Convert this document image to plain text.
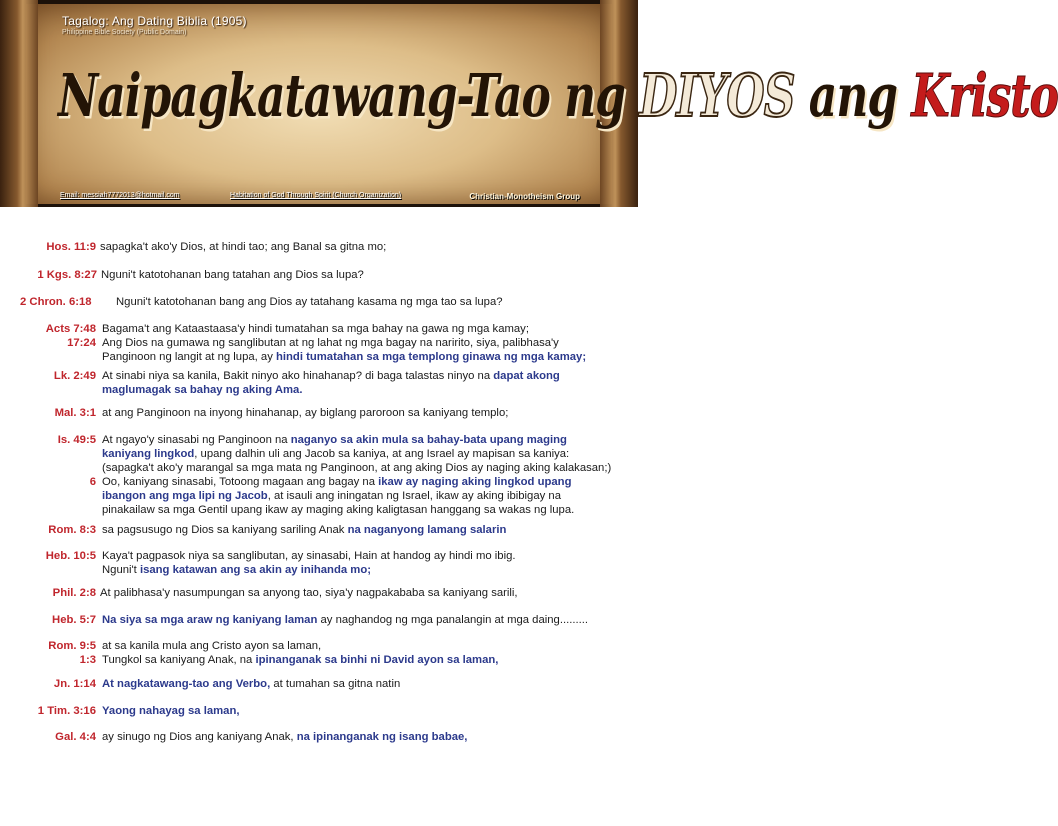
Tagalog: Ang Dating Biblia (1905)
Philippine Bible Society (Public Domain)
Naipagkatawang-Tao ng DIYOS ang Kristo
Email: messiah7772013@hotmail.com	Habitation of God Through Spirit (Church Organization)	Christian-Monotheism Group
Hos. 11:9 sapagka't ako'y Dios, at hindi tao; ang Banal sa gitna mo;
1 Kgs. 8:27 Nguni't katotohanan bang tatahan ang Dios sa lupa?
2 Chron. 6:18 Nguni't katotohanan bang ang Dios ay tatahang kasama ng mga tao sa lupa?
Acts 7:48 Bagama't ang Kataastaasa'y hindi tumatahan sa mga bahay na gawa ng mga kamay;
17:24 Ang Dios na gumawa ng sanglibutan at ng lahat ng mga bagay na naririto, siya, palibhasa'y
Panginoon ng langit at ng lupa, ay hindi tumatahan sa mga templong ginawa ng mga kamay;
Lk. 2:49 At sinabi niya sa kanila, Bakit ninyo ako hinahanap? di baga talastas ninyo na dapat akong
maglumagak sa bahay ng aking Ama.
Mal. 3:1 at ang Panginoon na inyong hinahanap, ay biglang paroroon sa kaniyang templo;
Is. 49:5 At ngayo'y sinasabi ng Panginoon na naganyo sa akin mula sa bahay-bata upang maging
kaniyang lingkod, upang dalhin uli ang Jacob sa kaniya, at ang Israel ay mapisan sa kaniya:
(sapagka't ako'y marangal sa mga mata ng Panginoon, at ang aking Dios ay naging aking kalakasan;)
6 Oo, kaniyang sinasabi, Totoong magaan ang bagay na ikaw ay naging aking lingkod upang
ibangon ang mga lipi ng Jacob, at isauli ang iningatan ng Israel, ikaw ay aking ibibigay na
pinakailaw sa mga Gentil upang ikaw ay maging aking kaligtasan hanggang sa wakas ng lupa.
Rom. 8:3 sa pagsusugo ng Dios sa kaniyang sariling Anak na naganyong lamang salarin
Heb. 10:5 Kaya't pagpasok niya sa sanglibutan, ay sinasabi, Hain at handog ay hindi mo ibig.
Nguni't isang katawan ang sa akin ay inihanda mo;
Phil. 2:8 At palibhasa'y nasumpungan sa anyong tao, siya'y nagpakababa sa kaniyang sarili,
Heb. 5:7 Na siya sa mga araw ng kaniyang laman ay naghandog ng mga panalangin at mga daing.........
Rom. 9:5 at sa kanila mula ang Cristo ayon sa laman,
1:3 Tungkol sa kaniyang Anak, na ipinanganak sa binhi ni David ayon sa laman,
Jn. 1:14 At nagkatawang-tao ang Verbo, at tumahan sa gitna natin
1 Tim. 3:16 Yaong nahayag sa laman,
Gal. 4:4 ay sinugo ng Dios ang kaniyang Anak, na ipinanganak ng isang babae,
